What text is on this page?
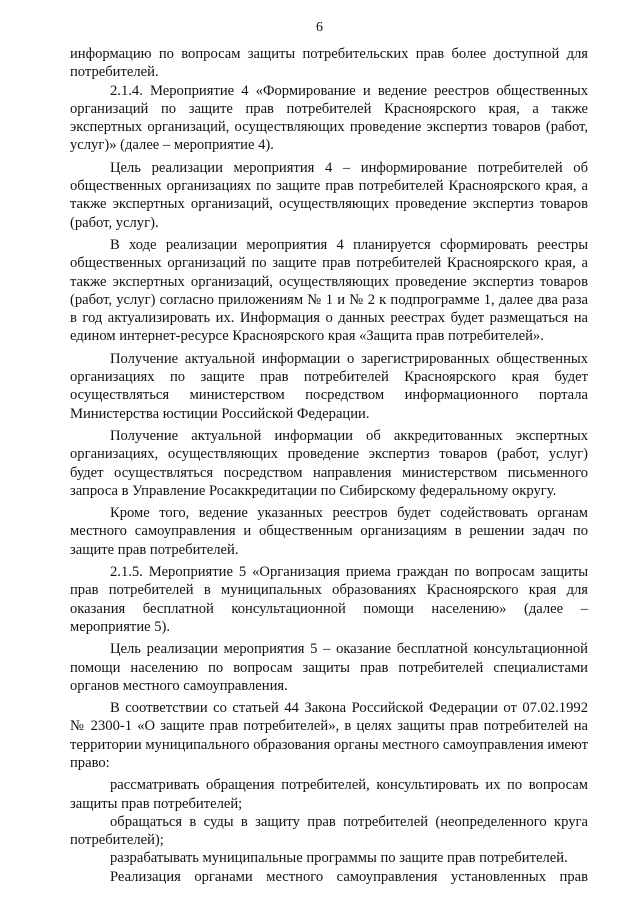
6

информацию по вопросам защиты потребительских прав более доступной для потребителей.

2.1.4. Мероприятие 4 «Формирование и ведение реестров общественных организаций по защите прав потребителей Красноярского края, а также экспертных организаций, осуществляющих проведение экспертиз товаров (работ, услуг)» (далее – мероприятие 4).

Цель реализации мероприятия 4 – информирование потребителей об общественных организациях по защите прав потребителей Красноярского края, а также экспертных организаций, осуществляющих проведение экспертиз товаров (работ, услуг).

В ходе реализации мероприятия 4 планируется сформировать реестры общественных организаций по защите прав потребителей Красноярского края, а также экспертных организаций, осуществляющих проведение экспертиз товаров (работ, услуг) согласно приложениям № 1 и № 2 к подпрограмме 1, далее два раза в год актуализировать их. Информация о данных реестрах будет размещаться на едином интернет-ресурсе Красноярского края «Защита прав потребителей».

Получение актуальной информации о зарегистрированных общественных организациях по защите прав потребителей Красноярского края будет осуществляться министерством посредством информационного портала Министерства юстиции Российской Федерации.

Получение актуальной информации об аккредитованных экспертных организациях, осуществляющих проведение экспертиз товаров (работ, услуг) будет осуществляться посредством направления министерством письменного запроса в Управление Росаккредитации по Сибирскому федеральному округу.

Кроме того, ведение указанных реестров будет содействовать органам местного самоуправления и общественным организациям в решении задач по защите прав потребителей.

2.1.5. Мероприятие 5 «Организация приема граждан по вопросам защиты прав потребителей в муниципальных образованиях Красноярского края для оказания бесплатной консультационной помощи населению» (далее – мероприятие 5).

Цель реализации мероприятия 5 – оказание бесплатной консультационной помощи населению по вопросам защиты прав потребителей специалистами органов местного самоуправления.

В соответствии со статьей 44 Закона Российской Федерации от 07.02.1992 № 2300-1 «О защите прав потребителей», в целях защиты прав потребителей на территории муниципального образования органы местного самоуправления имеют право:

рассматривать обращения потребителей, консультировать их по вопросам защиты прав потребителей;

обращаться в суды в защиту прав потребителей (неопределенного круга потребителей);

разрабатывать муниципальные программы по защите прав потребителей.

Реализация органами местного самоуправления установленных прав
